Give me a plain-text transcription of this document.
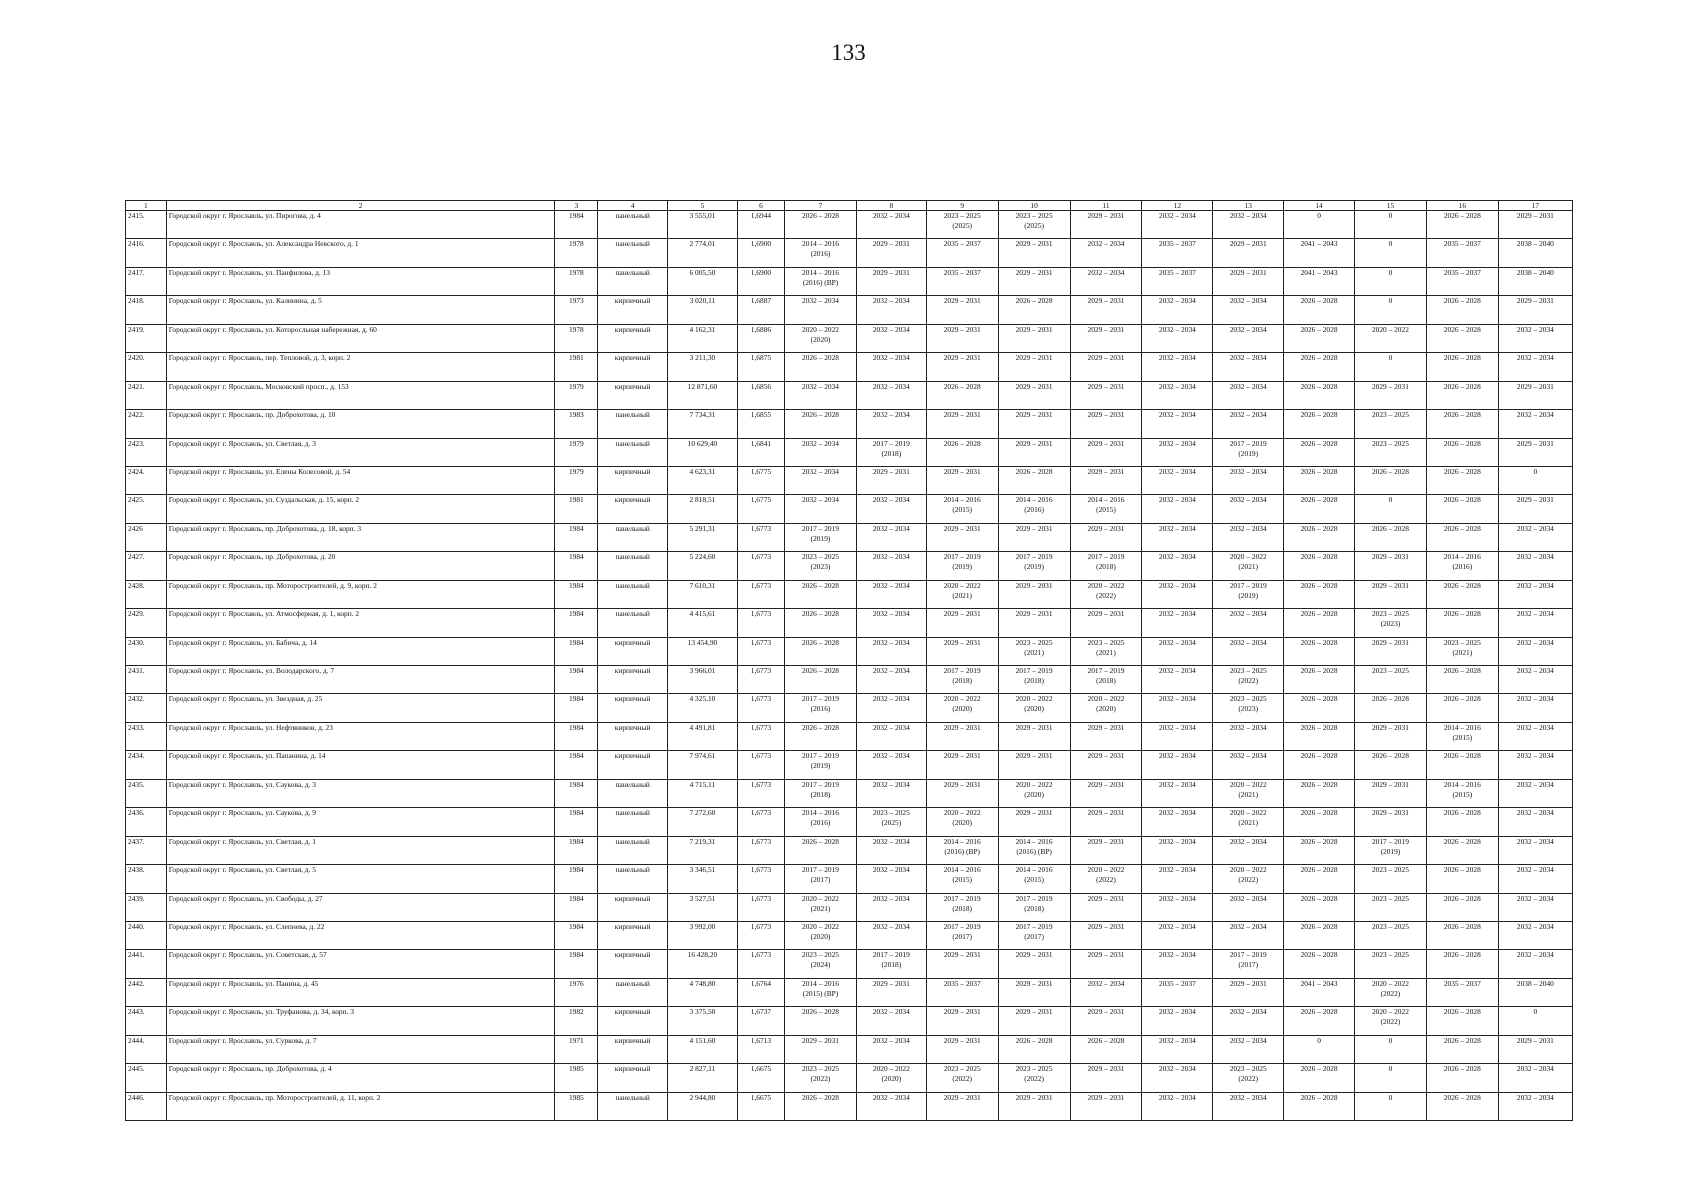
133
1	2	3	4	5	6	7	8	9	10	11	12	13	14	15	16	17

2415.	Городской округ г. Ярославль, ул. Пирогова, д. 4	1984	панельный	3 555,01	1,6944	2026 – 2028	2032 – 2034	2023 – 2025
(2025)	2023 – 2025
(2025)	2029 – 2031	2032 – 2034	2032 – 2034	0	0	2026 – 2028	2029 – 2031

2416.	Городской округ г. Ярославль, ул. Александра Невского, д. 1	1978	панельный	2 774,01	1,6900	2014 – 2016
(2016)	2029 – 2031	2035 – 2037	2029 – 2031	2032 – 2034	2035 – 2037	2029 – 2031	2041 – 2043	0	2035 – 2037	2038 – 2040

2417.	Городской округ г. Ярославль, ул. Панфилова, д. 13	1978	панельный	6 005,50	1,6900	2014 – 2016
(2016) (ВР)	2029 – 2031	2035 – 2037	2029 – 2031	2032 – 2034	2035 – 2037	2029 – 2031	2041 – 2043	0	2035 – 2037	2038 – 2040

2418.	Городской округ г. Ярославль, ул. Калинина, д. 5	1973	кирпичный	3 020,11	1,6887	2032 – 2034	2032 – 2034	2029 – 2031	2026 – 2028	2029 – 2031	2032 – 2034	2032 – 2034	2026 – 2028	0	2026 – 2028	2029 – 2031

2419.	Городской округ г. Ярославль, ул. Которосльная набережная, д. 60	1978	кирпичный	4 162,31	1,6886	2020 – 2022
(2020)	2032 – 2034	2029 – 2031	2029 – 2031	2029 – 2031	2032 – 2034	2032 – 2034	2026 – 2028	2020 – 2022	2026 – 2028	2032 – 2034

2420.	Городской округ г. Ярославль, пер. Тепловой, д. 3, корп. 2	1981	кирпичный	3 211,30	1,6875	2026 – 2028	2032 – 2034	2029 – 2031	2029 – 2031	2029 – 2031	2032 – 2034	2032 – 2034	2026 – 2028	0	2026 – 2028	2032 – 2034

2421.	Городской округ г. Ярославль, Московский просп., д. 153	1979	кирпичный	12 871,60	1,6856	2032 – 2034	2032 – 2034	2026 – 2028	2029 – 2031	2029 – 2031	2032 – 2034	2032 – 2034	2026 – 2028	2029 – 2031	2026 – 2028	2029 – 2031

2422.	Городской округ г. Ярославль, пр. Доброхотова, д. 10	1983	панельный	7 734,31	1,6855	2026 – 2028	2032 – 2034	2029 – 2031	2029 – 2031	2029 – 2031	2032 – 2034	2032 – 2034	2026 – 2028	2023 – 2025	2026 – 2028	2032 – 2034

2423.	Городской округ г. Ярославль, ул. Светлая, д. 3	1979	панельный	10 629,40	1,6841	2032 – 2034	2017 – 2019
(2018)	2026 – 2028	2029 – 2031	2029 – 2031	2032 – 2034	2017 – 2019
(2019)	2026 – 2028	2023 – 2025	2026 – 2028	2029 – 2031

2424.	Городской округ г. Ярославль, ул. Елены Колесовой, д. 54	1979	кирпичный	4 623,31	1,6775	2032 – 2034	2029 – 2031	2029 – 2031	2026 – 2028	2029 – 2031	2032 – 2034	2032 – 2034	2026 – 2028	2026 – 2028	2026 – 2028	0

2425.	Городской округ г. Ярославль, ул. Суздальская, д. 15, корп. 2	1981	кирпичный	2 818,51	1,6775	2032 – 2034	2032 – 2034	2014 – 2016
(2015)	2014 – 2016
(2016)	2014 – 2016
(2015)	2032 – 2034	2032 – 2034	2026 – 2028	0	2026 – 2028	2029 – 2031

2426	Городской округ г. Ярославль, пр. Доброхотова, д. 18, корп. 3	1984	панельный	5 291,31	1,6773	2017 – 2019
(2019)	2032 – 2034	2029 – 2031	2029 – 2031	2029 – 2031	2032 – 2034	2032 – 2034	2026 – 2028	2026 – 2028	2026 – 2028	2032 – 2034

2427.	Городской округ г. Ярославль, пр. Доброхотова, д. 20	1984	панельный	5 224,60	1,6773	2023 – 2025
(2023)	2032 – 2034	2017 – 2019
(2019)	2017 – 2019
(2019)	2017 – 2019
(2018)	2032 – 2034	2020 – 2022
(2021)	2026 – 2028	2029 – 2031	2014 – 2016
(2016)	2032 – 2034

2428.	Городской округ г. Ярославль, пр. Моторостроителей, д. 9, корп. 2	1984	панельный	7 610,31	1,6773	2026 – 2028	2032 – 2034	2020 – 2022
(2021)	2029 – 2031	2020 – 2022
(2022)	2032 – 2034	2017 – 2019
(2019)	2026 – 2028	2029 – 2031	2026 – 2028	2032 – 2034

2429.	Городской округ г. Ярославль, ул. Атмосферная, д. 1, корп. 2	1984	панельный	4 415,61	1,6773	2026 – 2028	2032 – 2034	2029 – 2031	2029 – 2031	2029 – 2031	2032 – 2034	2032 – 2034	2026 – 2028	2023 – 2025
(2023)	2026 – 2028	2032 – 2034

2430.	Городской округ г. Ярославль, ул. Бабича, д. 14	1984	кирпичный	13 454,90	1,6773	2026 – 2028	2032 – 2034	2029 – 2031	2023 – 2025
(2021)	2023 – 2025
(2021)	2032 – 2034	2032 – 2034	2026 – 2028	2029 – 2031	2023 – 2025
(2021)	2032 – 2034

2431.	Городской округ г. Ярославль, ул. Володарского, д. 7	1984	кирпичный	3 966,01	1,6773	2026 – 2028	2032 – 2034	2017 – 2019
(2018)	2017 – 2019
(2018)	2017 – 2019
(2018)	2032 – 2034	2023 – 2025
(2022)	2026 – 2028	2023 – 2025	2026 – 2028	2032 – 2034

2432.	Городской округ г. Ярославль, ул. Звездная, д. 25	1984	кирпичный	4 325,10	1,6773	2017 – 2019
(2016)	2032 – 2034	2020 – 2022
(2020)	2020 – 2022
(2020)	2020 – 2022
(2020)	2032 – 2034	2023 – 2025
(2023)	2026 – 2028	2026 – 2028	2026 – 2028	2032 – 2034

2433.	Городской округ г. Ярославль, ул. Нефтяников, д. 23	1984	кирпичный	4 491,81	1,6773	2026 – 2028	2032 – 2034	2029 – 2031	2029 – 2031	2029 – 2031	2032 – 2034	2032 – 2034	2026 – 2028	2029 – 2031	2014 – 2016
(2015)	2032 – 2034

2434.	Городской округ г. Ярославль, ул. Папанина, д. 14	1984	кирпичный	7 974,61	1,6773	2017 – 2019
(2019)	2032 – 2034	2029 – 2031	2029 – 2031	2029 – 2031	2032 – 2034	2032 – 2034	2026 – 2028	2026 – 2028	2026 – 2028	2032 – 2034

2435.	Городской округ г. Ярославль, ул. Саукова, д. 3	1984	панельный	4 715,11	1,6773	2017 – 2019
(2018)	2032 – 2034	2029 – 2031	2020 – 2022
(2020)	2029 – 2031	2032 – 2034	2020 – 2022
(2021)	2026 – 2028	2029 – 2031	2014 – 2016
(2015)	2032 – 2034

2436.	Городской округ г. Ярославль, ул. Саукова, д. 9	1984	панельный	7 272,60	1,6773	2014 – 2016
(2016)	2023 – 2025
(2025)	2020 – 2022
(2020)	2029 – 2031	2029 – 2031	2032 – 2034	2020 – 2022
(2021)	2026 – 2028	2029 – 2031	2026 – 2028	2032 – 2034

2437.	Городской округ г. Ярославль, ул. Светлая, д. 1	1984	панельный	7 219,31	1,6773	2026 – 2028	2032 – 2034	2014 – 2016
(2016) (ВР)	2014 – 2016
(2016) (ВР)	2029 – 2031	2032 – 2034	2032 – 2034	2026 – 2028	2017 – 2019
(2019)	2026 – 2028	2032 – 2034

2438.	Городской округ г. Ярославль, ул. Светлая, д. 5	1984	панельный	3 346,51	1,6773	2017 – 2019
(2017)	2032 – 2034	2014 – 2016
(2015)	2014 – 2016
(2015)	2020 – 2022
(2022)	2032 – 2034	2020 – 2022
(2022)	2026 – 2028	2023 – 2025	2026 – 2028	2032 – 2034

2439.	Городской округ г. Ярославль, ул. Свободы, д. 27	1984	кирпичный	3 527,51	1,6773	2020 – 2022
(2021)	2032 – 2034	2017 – 2019
(2018)	2017 – 2019
(2018)	2029 – 2031	2032 – 2034	2032 – 2034	2026 – 2028	2023 – 2025	2026 – 2028	2032 – 2034

2440.	Городской округ г. Ярославль, ул. Слепнева, д. 22	1984	кирпичный	3 992,00	1,6773	2020 – 2022
(2020)	2032 – 2034	2017 – 2019
(2017)	2017 – 2019
(2017)	2029 – 2031	2032 – 2034	2032 – 2034	2026 – 2028	2023 – 2025	2026 – 2028	2032 – 2034

2441.	Городской округ г. Ярославль, ул. Советская, д. 57	1984	кирпичный	16 428,20	1,6773	2023 – 2025
(2024)	2017 – 2019
(2018)	2029 – 2031	2029 – 2031	2029 – 2031	2032 – 2034	2017 – 2019
(2017)	2026 – 2028	2023 – 2025	2026 – 2028	2032 – 2034

2442.	Городской округ г. Ярославль, ул. Панина, д. 45	1976	панельный	4 748,80	1,6764	2014 – 2016
(2015) (ВР)	2029 – 2031	2035 – 2037	2029 – 2031	2032 – 2034	2035 – 2037	2029 – 2031	2041 – 2043	2020 – 2022
(2022)	2035 – 2037	2038 – 2040

2443.	Городской округ г. Ярославль, ул. Труфанова, д. 34, корп. 3	1982	кирпичный	3 375,50	1,6737	2026 – 2028	2032 – 2034	2029 – 2031	2029 – 2031	2029 – 2031	2032 – 2034	2032 – 2034	2026 – 2028	2020 – 2022
(2022)	2026 – 2028	0

2444.	Городской округ г. Ярославль, ул. Суркова, д. 7	1971	кирпичный	4 151,60	1,6713	2029 – 2031	2032 – 2034	2029 – 2031	2026 – 2028	2026 – 2028	2032 – 2034	2032 – 2034	0	0	2026 – 2028	2029 – 2031

2445.	Городской округ г. Ярославль, пр. Доброхотова, д. 4	1985	кирпичный	2 827,11	1,6675	2023 – 2025
(2022)	2020 – 2022
(2020)	2023 – 2025
(2022)	2023 – 2025
(2022)	2029 – 2031	2032 – 2034	2023 – 2025
(2022)	2026 – 2028	0	2026 – 2028	2032 – 2034

2446.	Городской округ г. Ярославль, пр. Моторостроителей, д. 11, корп. 2	1985	панельный	2 944,80	1,6675	2026 – 2028	2032 – 2034	2029 – 2031	2029 – 2031	2029 – 2031	2032 – 2034	2032 – 2034	2026 – 2028	0	2026 – 2028	2032 – 2034
